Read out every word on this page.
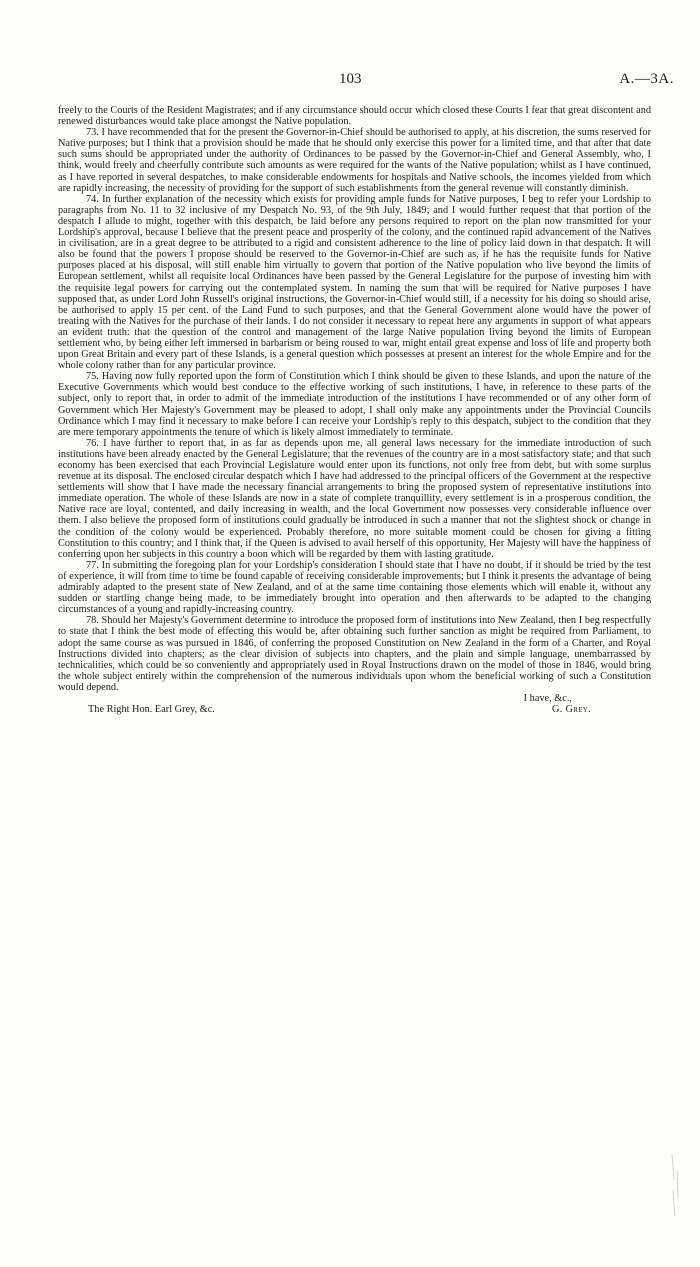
103	A.—3A.

freely to the Courts of the Resident Magistrates; and if any circumstance should occur which closed these Courts I fear that great discontent and renewed disturbances would take place amongst the Native population.

73. I have recommended that for the present the Governor-in-Chief should be authorised to apply, at his discretion, the sums reserved for Native purposes; but I think that a provision should be made that he should only exercise this power for a limited time, and that after that date such sums should be appropriated under the authority of Ordinances to be passed by the Governor-in-Chief and General Assembly, who, I think, would freely and cheerfully contribute such amounts as were required for the wants of the Native population; whilst as I have continued, as I have reported in several despatches, to make considerable endowments for hospitals and Native schools, the incomes yielded from which are rapidly increasing, the necessity of providing for the support of such establishments from the general revenue will constantly diminish.

74. In further explanation of the necessity which exists for providing ample funds for Native purposes, I beg to refer your Lordship to paragraphs from No. 11 to 32 inclusive of my Despatch No. 93, of the 9th July, 1849; and I would further request that that portion of the despatch I allude to might, together with this despatch, be laid before any persons required to report on the plan now transmitted for your Lordship's approval, because I believe that the present peace and prosperity of the colony, and the continued rapid advancement of the Natives in civilisation, are in a great degree to be attributed to a rigid and consistent adherence to the line of policy laid down in that despatch. It will also be found that the powers I propose should be reserved to the Governor-in-Chief are such as, if he has the requisite funds for Native purposes placed at his disposal, will still enable him virtually to govern that portion of the Native population who live beyond the limits of European settlement, whilst all requisite local Ordinances have been passed by the General Legislature for the purpose of investing him with the requisite legal powers for carrying out the contemplated system. In naming the sum that will be required for Native purposes I have supposed that, as under Lord John Russell's original instructions, the Governor-in-Chief would still, if a necessity for his doing so should arise, be authorised to apply 15 per cent. of the Land Fund to such purposes, and that the General Government alone would have the power of treating with the Natives for the purchase of their lands. I do not consider it necessary to repeat here any arguments in support of what appears an evident truth: that the question of the control and management of the large Native population living beyond the limits of European settlement who, by being either left immersed in barbarism or being roused to war, might entail great expense and loss of life and property both upon Great Britain and every part of these Islands, is a general question which possesses at present an interest for the whole Empire and for the whole colony rather than for any particular province.

75. Having now fully reported upon the form of Constitution which I think should be given to these Islands, and upon the nature of the Executive Governments which would best conduce to the effective working of such institutions, I have, in reference to these parts of the subject, only to report that, in order to admit of the immediate introduction of the institutions I have recommended or of any other form of Government which Her Majesty's Government may be pleased to adopt, I shall only make any appointments under the Provincial Councils Ordinance which I may find it necessary to make before I can receive your Lordship's reply to this despatch, subject to the condition that they are mere temporary appointments the tenure of which is likely almost immediately to terminate.

76. I have further to report that, in as far as depends upon me, all general laws necessary for the immediate introduction of such institutions have been already enacted by the General Legislature; that the revenues of the country are in a most satisfactory state; and that such economy has been exercised that each Provincial Legislature would enter upon its functions, not only free from debt, but with some surplus revenue at its disposal. The enclosed circular despatch which I have had addressed to the principal officers of the Government at the respective settlements will show that I have made the necessary financial arrangements to bring the proposed system of representative institutions into immediate operation. The whole of these Islands are now in a state of complete tranquillity, every settlement is in a prosperous condition, the Native race are loyal, contented, and daily increasing in wealth, and the local Government now possesses very considerable influence over them. I also believe the proposed form of institutions could gradually be introduced in such a manner that not the slightest shock or change in the condition of the colony would be experienced. Probably therefore, no more suitable moment could be chosen for giving a fitting Constitution to this country; and I think that, if the Queen is advised to avail herself of this opportunity, Her Majesty will have the happiness of conferring upon her subjects in this country a boon which will be regarded by them with lasting gratitude.

77. In submitting the foregoing plan for your Lordship's consideration I should state that I have no doubt, if it should be tried by the test of experience, it will from time to time be found capable of receiving considerable improvements; but I think it presents the advantage of being admirably adapted to the present state of New Zealand, and of at the same time containing those elements which will enable it, without any sudden or startling change being made, to be immediately brought into operation and then afterwards to be adapted to the changing circumstances of a young and rapidly-increasing country.

78. Should her Majesty's Government determine to introduce the proposed form of institutions into New Zealand, then I beg respectfully to state that I think the best mode of effecting this would be, after obtaining such further sanction as might be required from Parliament, to adopt the same course as was pursued in 1846, of conferring the proposed Constitution on New Zealand in the form of a Charter, and Royal Instructions divided into chapters; as the clear division of subjects into chapters, and the plain and simple language, unembarrassed by technicalities, which could be so conveniently and appropriately used in Royal Instructions drawn on the model of those in 1846, would bring the whole subject entirely within the comprehension of the numerous individuals upon whom the beneficial working of such a Constitution would depend.

I have, &c.,
The Right Hon. Earl Grey, &c.	G. Grey.
